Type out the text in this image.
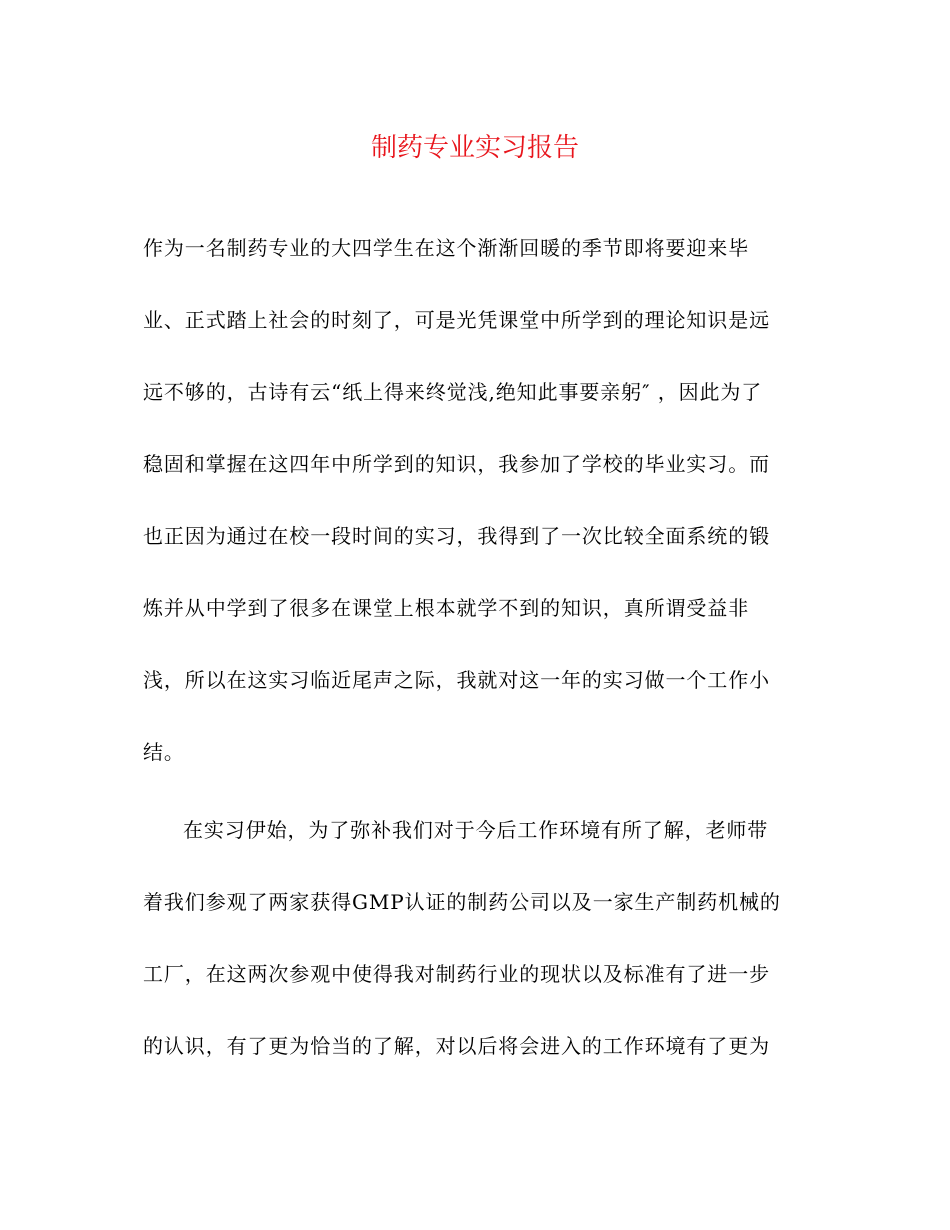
制药专业实习报告
作为一名制药专业的大四学生在这个渐渐回暖的季节即将要迎来毕
业、正式踏上社会的时刻了，可是光凭课堂中所学到的理论知识是远
远不够的，古诗有云“纸上得来终觉浅,绝知此事要亲躬″ ，因此为了
稳固和掌握在这四年中所学到的知识，我参加了学校的毕业实习。而
也正因为通过在校一段时间的实习，我得到了一次比较全面系统的锻
炼并从中学到了很多在课堂上根本就学不到的知识，真所谓受益非
浅，所以在这实习临近尾声之际，我就对这一年的实习做一个工作小
结。
在实习伊始，为了弥补我们对于今后工作环境有所了解，老师带
着我们参观了两家获得GMP认证的制药公司以及一家生产制药机械的
工厂，在这两次参观中使得我对制药行业的现状以及标准有了进一步
的认识，有了更为恰当的了解，对以后将会进入的工作环境有了更为
